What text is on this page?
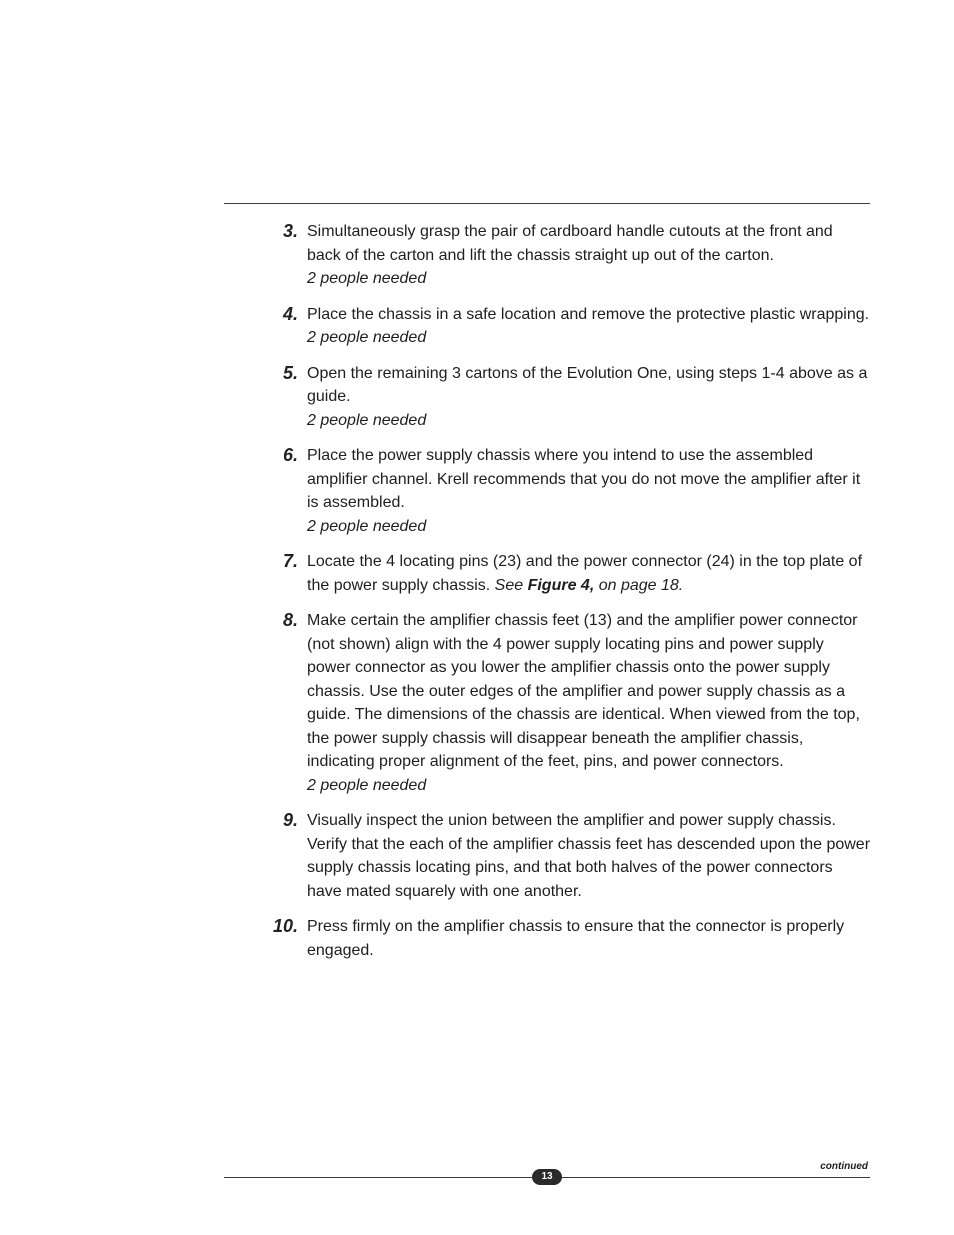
3. Simultaneously grasp the pair of cardboard handle cutouts at the front and back of the carton and lift the chassis straight up out of the carton.
2 people needed
4. Place the chassis in a safe location and remove the protective plastic wrapping.
2 people needed
5. Open the remaining 3 cartons of the Evolution One, using steps 1-4 above as a guide.
2 people needed
6. Place the power supply chassis where you intend to use the assembled amplifier channel. Krell recommends that you do not move the amplifier after it is assembled.
2 people needed
7. Locate the 4 locating pins (23) and the power connector (24) in the top plate of the power supply chassis. See Figure 4, on page 18.
8. Make certain the amplifier chassis feet (13) and the amplifier power connector (not shown) align with the 4 power supply locating pins and power supply power connector as you lower the amplifier chassis onto the power supply chassis. Use the outer edges of the amplifier and power supply chassis as a guide. The dimensions of the chassis are identical. When viewed from the top, the power supply chassis will disappear beneath the amplifier chassis, indicating proper alignment of the feet, pins, and power connectors.
2 people needed
9. Visually inspect the union between the amplifier and power supply chassis. Verify that the each of the amplifier chassis feet has descended upon the power supply chassis locating pins, and that both halves of the power connectors have mated squarely with one another.
10. Press firmly on the amplifier chassis to ensure that the connector is properly engaged.
continued
13
